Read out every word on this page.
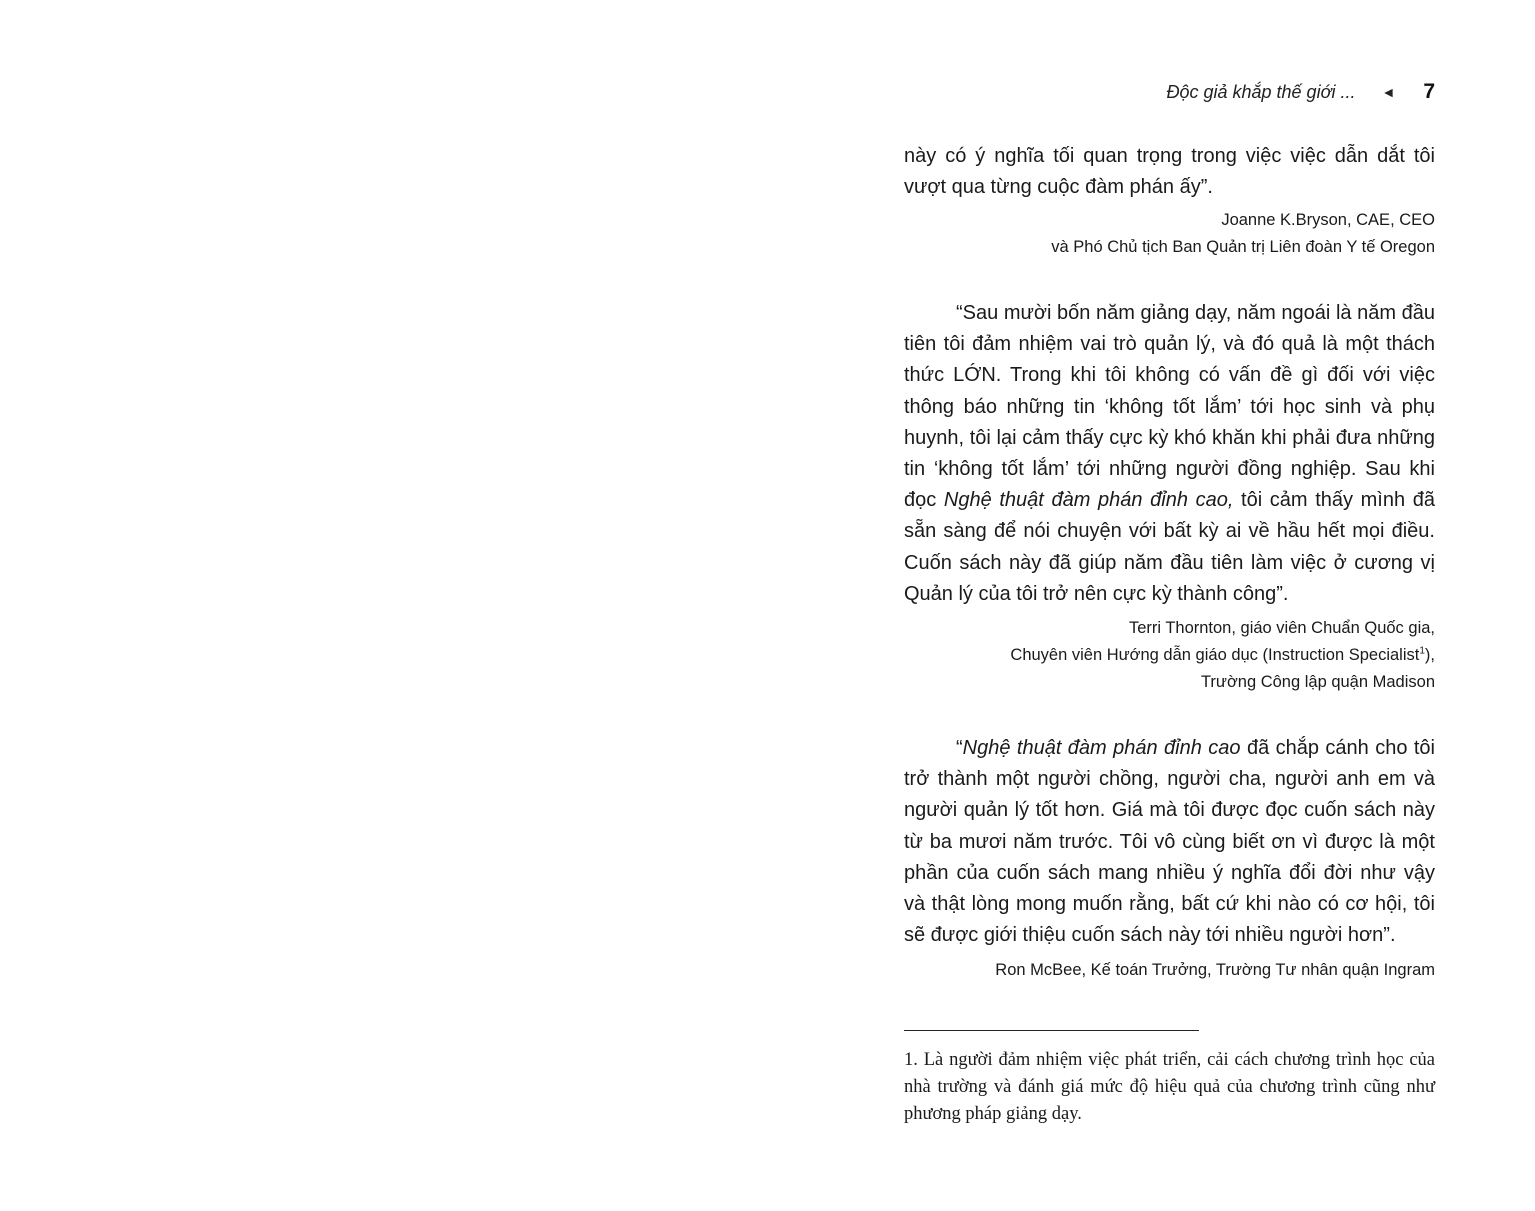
Độc giả khắp thế giới ... ◄ 7

này có ý nghĩa tối quan trọng trong việc việc dẫn dắt tôi vượt qua từng cuộc đàm phán ấy”.

Joanne K.Bryson, CAE, CEO
và Phó Chủ tịch Ban Quản trị Liên đoàn Y tế Oregon

“Sau mười bốn năm giảng dạy, năm ngoái là năm đầu tiên tôi đảm nhiệm vai trò quản lý, và đó quả là một thách thức LỚN. Trong khi tôi không có vấn đề gì đối với việc thông báo những tin ‘không tốt lắm’ tới học sinh và phụ huynh, tôi lại cảm thấy cực kỳ khó khăn khi phải đưa những tin ‘không tốt lắm’ tới những người đồng nghiệp. Sau khi đọc Nghệ thuật đàm phán đỉnh cao, tôi cảm thấy mình đã sẵn sàng để nói chuyện với bất kỳ ai về hầu hết mọi điều. Cuốn sách này đã giúp năm đầu tiên làm việc ở cương vị Quản lý của tôi trở nên cực kỳ thành công”.

Terri Thornton, giáo viên Chuẩn Quốc gia,
Chuyên viên Hướng dẫn giáo dục (Instruction Specialist$^1$),
Trường Công lập quận Madison

“Nghệ thuật đàm phán đỉnh cao đã chắp cánh cho tôi trở thành một người chồng, người cha, người anh em và người quản lý tốt hơn. Giá mà tôi được đọc cuốn sách này từ ba mươi năm trước. Tôi vô cùng biết ơn vì được là một phần của cuốn sách mang nhiều ý nghĩa đổi đời như vậy và thật lòng mong muốn rằng, bất cứ khi nào có cơ hội, tôi sẽ được giới thiệu cuốn sách này tới nhiều người hơn”.

Ron McBee, Kế toán Trưởng, Trường Tư nhân quận Ingram

1. Là người đảm nhiệm việc phát triển, cải cách chương trình học của nhà trường và đánh giá mức độ hiệu quả của chương trình cũng như phương pháp giảng dạy.
